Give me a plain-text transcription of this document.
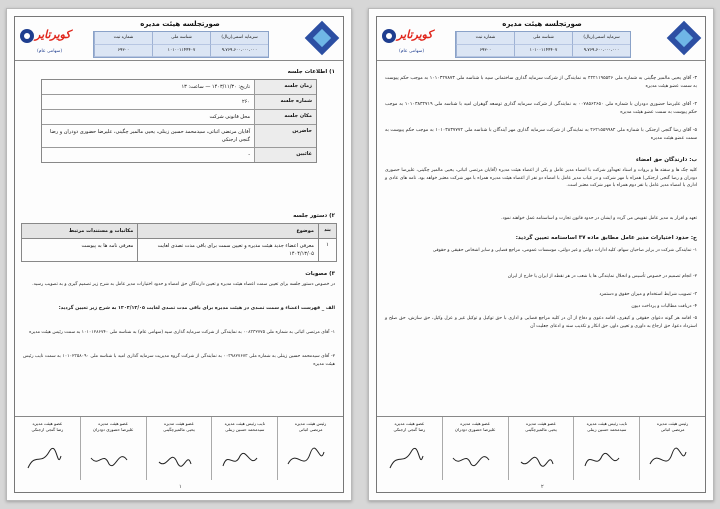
صورتجلسه هیئت مدیره
سرمایه اسمی(ریال)
شناسه ملی
شماره ثبت
۹،۷۶۹،۶۰۰،۰۰۰،۰۰۰
۱۰۱۰۰۱۱۴۴۴۰۷
۶۹۳۰۰
کویرتایر
(سهامی عام)
۱) اطلاعات جلسه
زمان جلسه
تاریخ: ۱۴۰۳/۱۱/۳۰ — ساعت: ۱۳
شماره جلسه
۲۶۰
مکان جلسه
محل قانونی شرکت
حاضرین
آقایان مرتضی اثباتی، سیدمحمد حسین زینلی، یحیی مالمیر چگینی، علیرضا حضوری دودران و رضا گنجی ارجنکی
غائبین
-
۲) دستور جلسه
بند
موضوع
مکاتبات و مستندات مرتبط
۱
معرفی اعضاء جدید هیئت مدیره و تعیین سمت برای باقی مدت تصدی لغایت ۱۴۰۴/۱۳/۰۵
معرفی نامه ها به پیوست
۳) مصوبات
در خصوص دستور جلسه برای تعیین سمت اعضاء هیئت مدیره و تعیین دارندگان حق امضاء و حدود اختیارات مدیر عامل به شرح زیر تصمیم گیری و به تصویب رسید.
الف _ فهرست اعضاء و سمت تصدی در هیئت مدیره برای باقی مدت تصدی لغایت ۱۴۰۴/۱۳/۰۵ به شرح زیر تعیین گردید:
۱- آقای مرتضی اثباتی به شماره ملی ۰۰۸۳۳۲۷۷۵ به نمایندگی از شرکت سرمایه گذاری سپه (سهامی عام) به شناسه ملی ۱۰۱۰۱۲۸۶۷۴۰ به سمت رئیس هیئت مدیره
۲- آقای سیدمحمد حسین زینلی به شماره ملی ۰۰۳۹۸۲۷۶۷۳ به نمایندگی از شرکت گروه مدیریت سرمایه گذاری امید با شناسه ملی ۱۰۱۰۲۳۵۸۰۹۰ به سمت نایب رئیس هیئت مدیره
رئیس هیئت مدیره
مرتضی اثباتی
نایب رئیس هیئت مدیره
سیدمحمد حسین زینلی
عضو هیئت مدیره
یحیی مالمیرچگینی
عضو هیئت مدیره
علیرضا حضوری دودران
عضو هیئت مدیره
رضا گنجی ارجنکی
۱
صورتجلسه هیئت مدیره
سرمایه اسمی(ریال)
شناسه ملی
شماره ثبت
۹،۷۶۹،۶۰۰،۰۰۰،۰۰۰
۱۰۱۰۰۱۱۴۴۴۰۷
۶۹۳۰۰
کویرتایر
(سهامی عام)
۳- آقای یحیی مالمیر چگینی به شماره ملی ۴۲۲۱۱۹۵۵۴۶ به نمایندگی از شرکت سرمایه گذاری ساختمانی سپه با شناسه ملی ۱۰۱۰۳۲۷۸۷۳ به موجب حکم پیوست به سمت عضو هیئت مدیره
۴- آقای علیرضا حضوری دودران با شماره ملی ۰۰۷۸۵۶۲۶۵۰ به نمایندگی از شرکت سرمایه گذاری توسعه گوهران امید با شناسه ملی ۱۰۱۰۳۸۳۲۷۱۹ به موجب حکم پیوست به سمت عضو هیئت مدیره
۵- آقای رضا گنجی ارجنکی با شماره ملی ۴۶۲۱۵۵۹۹۸۲ به نمایندگی از شرکت سرمایه گذاری مهر آیندگان با شناسه ملی ۱۰۱۰۳۸۳۷۷۷۴ به موجب حکم پیوست به سمت عضو هیئت مدیره
ب: دارندگان حق امضاء
کلیه چک ها و سفته ها و بروات و اسناد تعهدآور شرکت با امضاء مدیر عامل و یکی از اعضاء هیئت مدیره (آقایان مرتضی اثباتی، یحیی مالمیر چگینی، علیرضا حضوری دودران و رضا گنجی ارجنکی) همراه با مهر شرکت و در غیاب مدیر عامل با امضاء دو نفر از اعضاء هیئت مدیره همراه با مهر شرکت معتبر خواهد بود. نامه های عادی و اداری با امضاء مدیر عامل یا نفر دوم همراه با مهر شرکت معتبر است.
تعهد و اقرار به مدیر عامل تفویض می گردد و ایشان در حدود قانون تجارت و اساسنامه عمل خواهند نمود.
ج: حدود اختیارات مدیر عامل مطابق ماده ۳۷ اساسنامه تعیین گردید:
۱- نمایندگی شرکت در برابر صاحبان سهام، کلیه ادارات دولتی و غیر دولتی، موسسات عمومی، مراجع قضایی و سایر اشخاص حقیقی و حقوقی
۲- انجام تصمیم در خصوص تأسیس و انحلال نمایندگی ها یا شعب در هر نقطه از ایران یا خارج از ایران
۳- تصویب شرایط استخدام و میزان حقوق و دستمزد
۴- دریافت مطالبات و پرداخت دیون
۵- اقامه هر گونه دعوای حقوقی و کیفری، اقامه دعوی و دفاع از آن در کلیه مراجع قضایی و اداری با حق توکیل و توکیل غیر و عزل وکیل، حق سازش، حق صلح و استرداد دعوا، حق ارجاع به داوری و تعیین داور، حق انکار و تکذیب سند و ادعای جعلیت آن
رئیس هیئت مدیره
مرتضی اثباتی
نایب رئیس هیئت مدیره
سیدمحمد حسین زینلی
عضو هیئت مدیره
یحیی مالمیرچگینی
عضو هیئت مدیره
علیرضا حضوری دودران
عضو هیئت مدیره
رضا گنجی ارجنکی
۲
